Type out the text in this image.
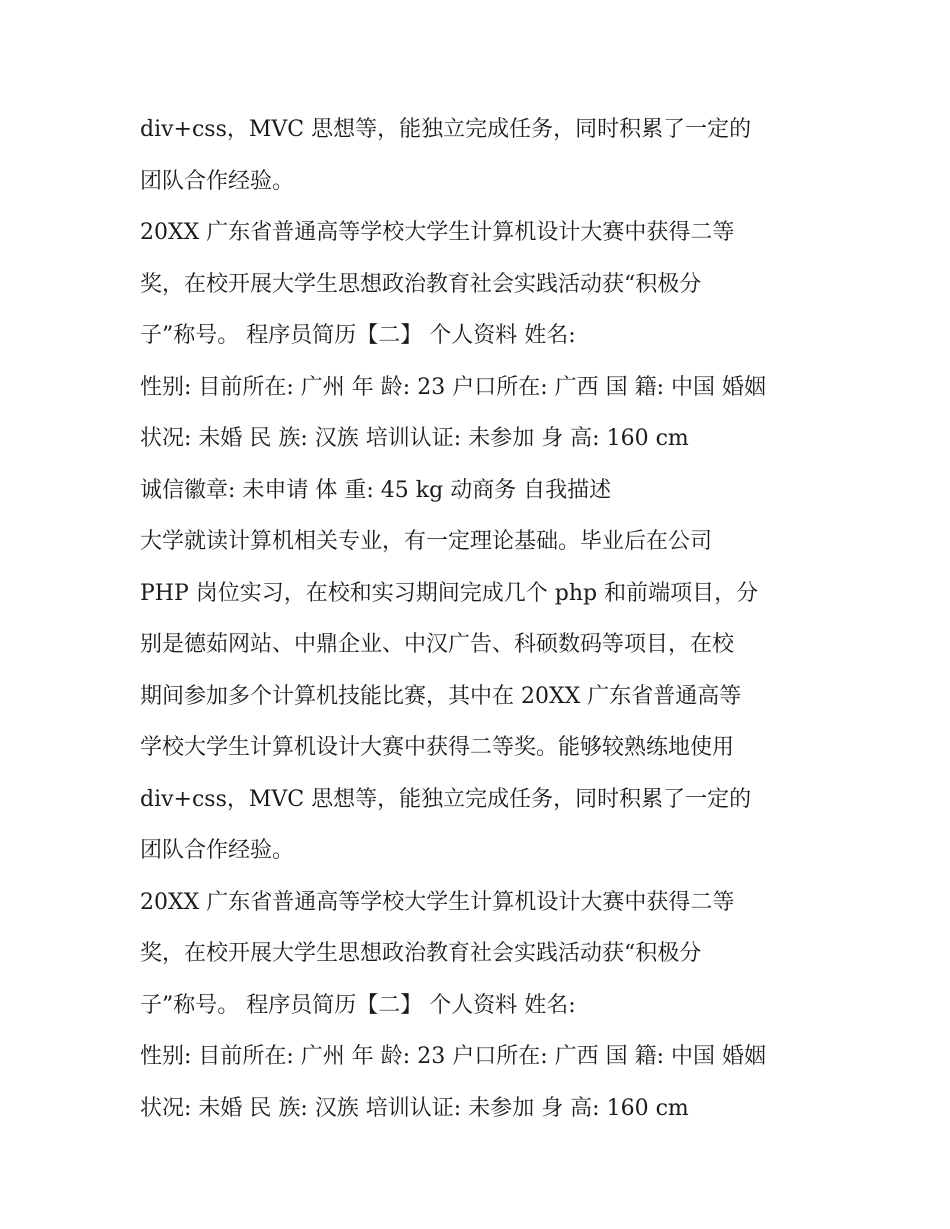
div+css，MVC 思想等，能独立完成任务，同时积累了一定的
团队合作经验。
20XX 广东省普通高等学校大学生计算机设计大赛中获得二等
奖，在校开展大学生思想政治教育社会实践活动获“积极分
子”称号。 程序员简历【二】 个人资料 姓名:
性别: 目前所在: 广州 年 龄: 23 户口所在: 广西 国 籍: 中国 婚姻
状况: 未婚 民 族: 汉族 培训认证: 未参加 身 高: 160 cm
诚信徽章: 未申请 体 重: 45 kg 动商务 自我描述
大学就读计算机相关专业，有一定理论基础。毕业后在公司
PHP 岗位实习，在校和实习期间完成几个 php 和前端项目，分
别是德茹网站、中鼎企业、中汉广告、科硕数码等项目，在校
期间参加多个计算机技能比赛，其中在 20XX 广东省普通高等
学校大学生计算机设计大赛中获得二等奖。能够较熟练地使用
div+css，MVC 思想等，能独立完成任务，同时积累了一定的
团队合作经验。
20XX 广东省普通高等学校大学生计算机设计大赛中获得二等
奖，在校开展大学生思想政治教育社会实践活动获“积极分
子”称号。 程序员简历【二】 个人资料 姓名:
性别: 目前所在: 广州 年 龄: 23 户口所在: 广西 国 籍: 中国 婚姻
状况: 未婚 民 族: 汉族 培训认证: 未参加 身 高: 160 cm
